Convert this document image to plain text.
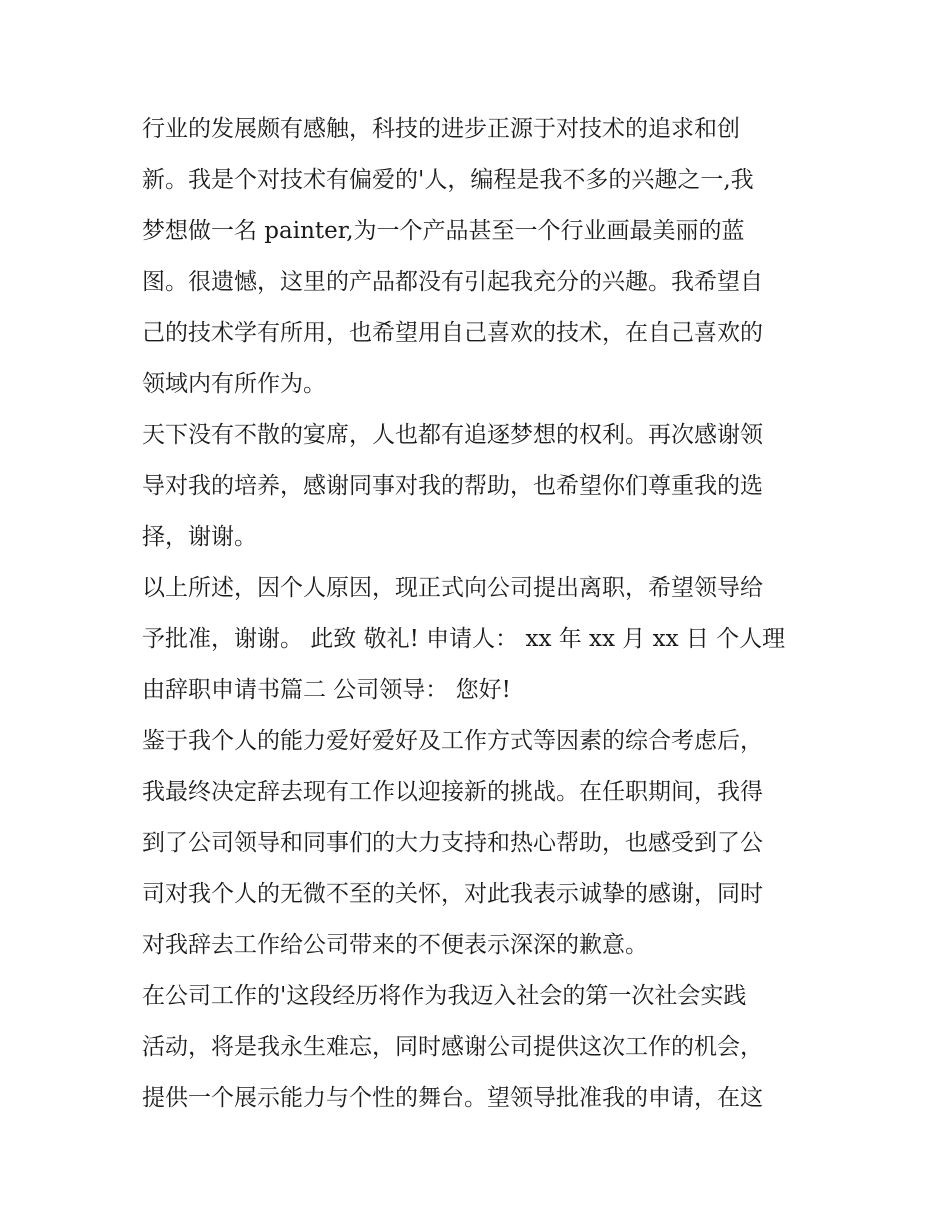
行业的发展颇有感触，科技的进步正源于对技术的追求和创
新。我是个对技术有偏爱的'人，编程是我不多的兴趣之一,我
梦想做一名 painter,为一个产品甚至一个行业画最美丽的蓝
图。很遗憾，这里的产品都没有引起我充分的兴趣。我希望自
己的技术学有所用，也希望用自己喜欢的技术，在自己喜欢的
领域内有所作为。
天下没有不散的宴席，人也都有追逐梦想的权利。再次感谢领
导对我的培养，感谢同事对我的帮助，也希望你们尊重我的选
择，谢谢。
以上所述，因个人原因，现正式向公司提出离职，希望领导给
予批准，谢谢。 此致 敬礼! 申请人： xx 年 xx 月 xx 日 个人理
由辞职申请书篇二 公司领导： 您好!
鉴于我个人的能力爱好爱好及工作方式等因素的综合考虑后，
我最终决定辞去现有工作以迎接新的挑战。在任职期间，我得
到了公司领导和同事们的大力支持和热心帮助，也感受到了公
司对我个人的无微不至的关怀，对此我表示诚挚的感谢，同时
对我辞去工作给公司带来的不便表示深深的歉意。
在公司工作的'这段经历将作为我迈入社会的第一次社会实践
活动，将是我永生难忘，同时感谢公司提供这次工作的机会，
提供一个展示能力与个性的舞台。望领导批准我的申请，在这
